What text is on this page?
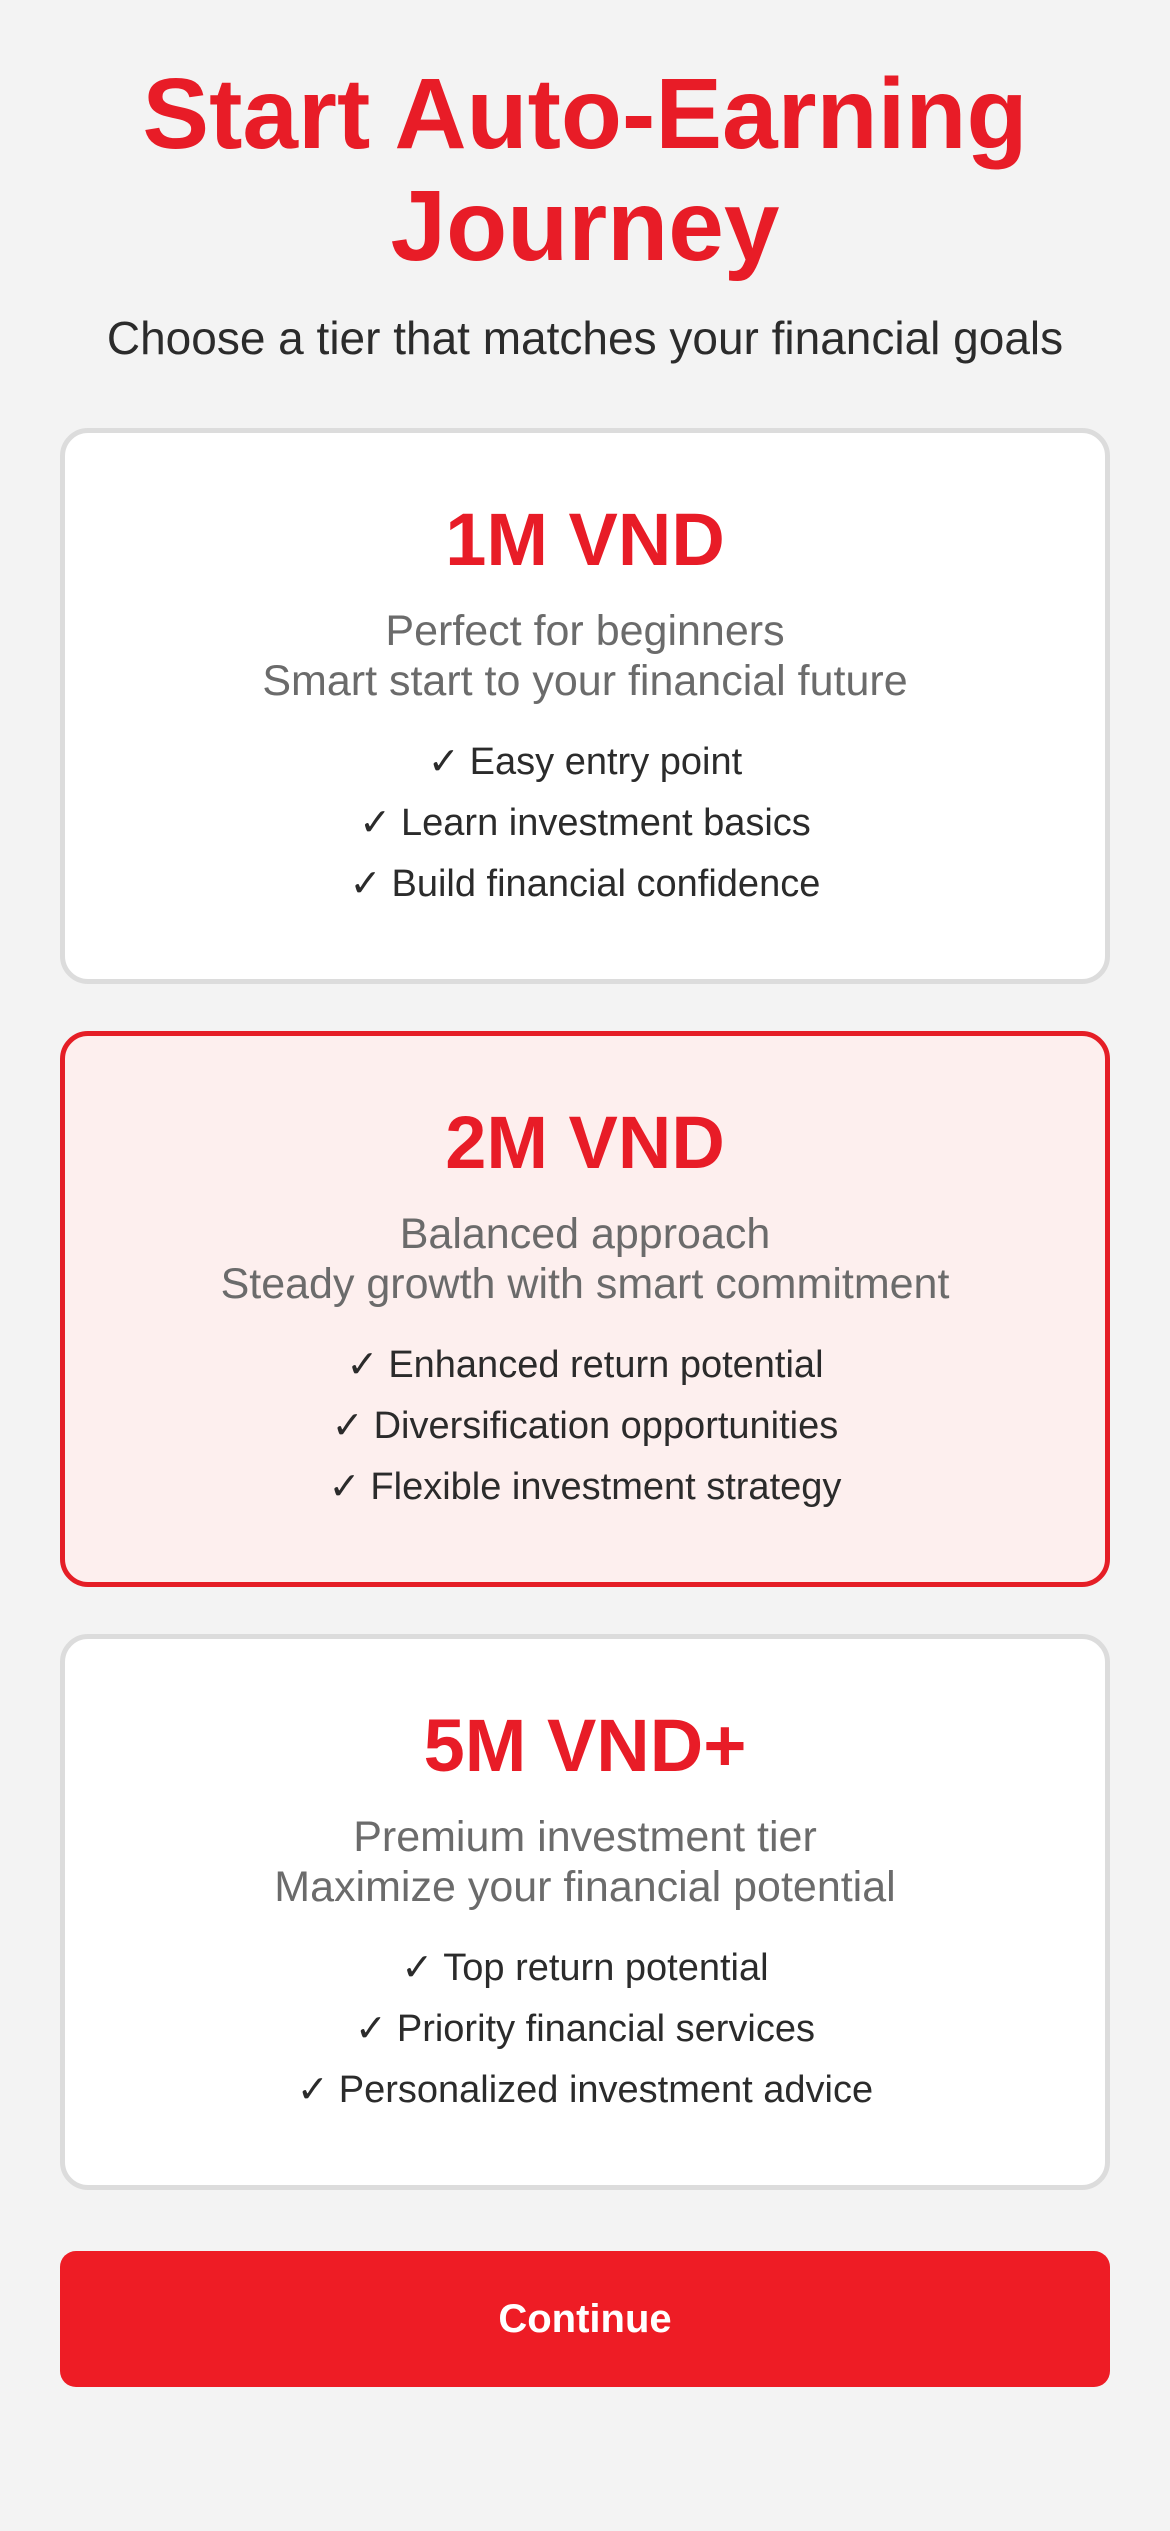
Start Auto-Earning
Journey

Choose a tier that matches your financial goals

1M VND
Perfect for beginners
Smart start to your financial future
✓ Easy entry point
✓ Learn investment basics
✓ Build financial confidence
2M VND
Balanced approach
Steady growth with smart commitment
✓ Enhanced return potential
✓ Diversification opportunities
✓ Flexible investment strategy
5M VND+
Premium investment tier
Maximize your financial potential
✓ Top return potential
✓ Priority financial services
✓ Personalized investment advice
Continue
